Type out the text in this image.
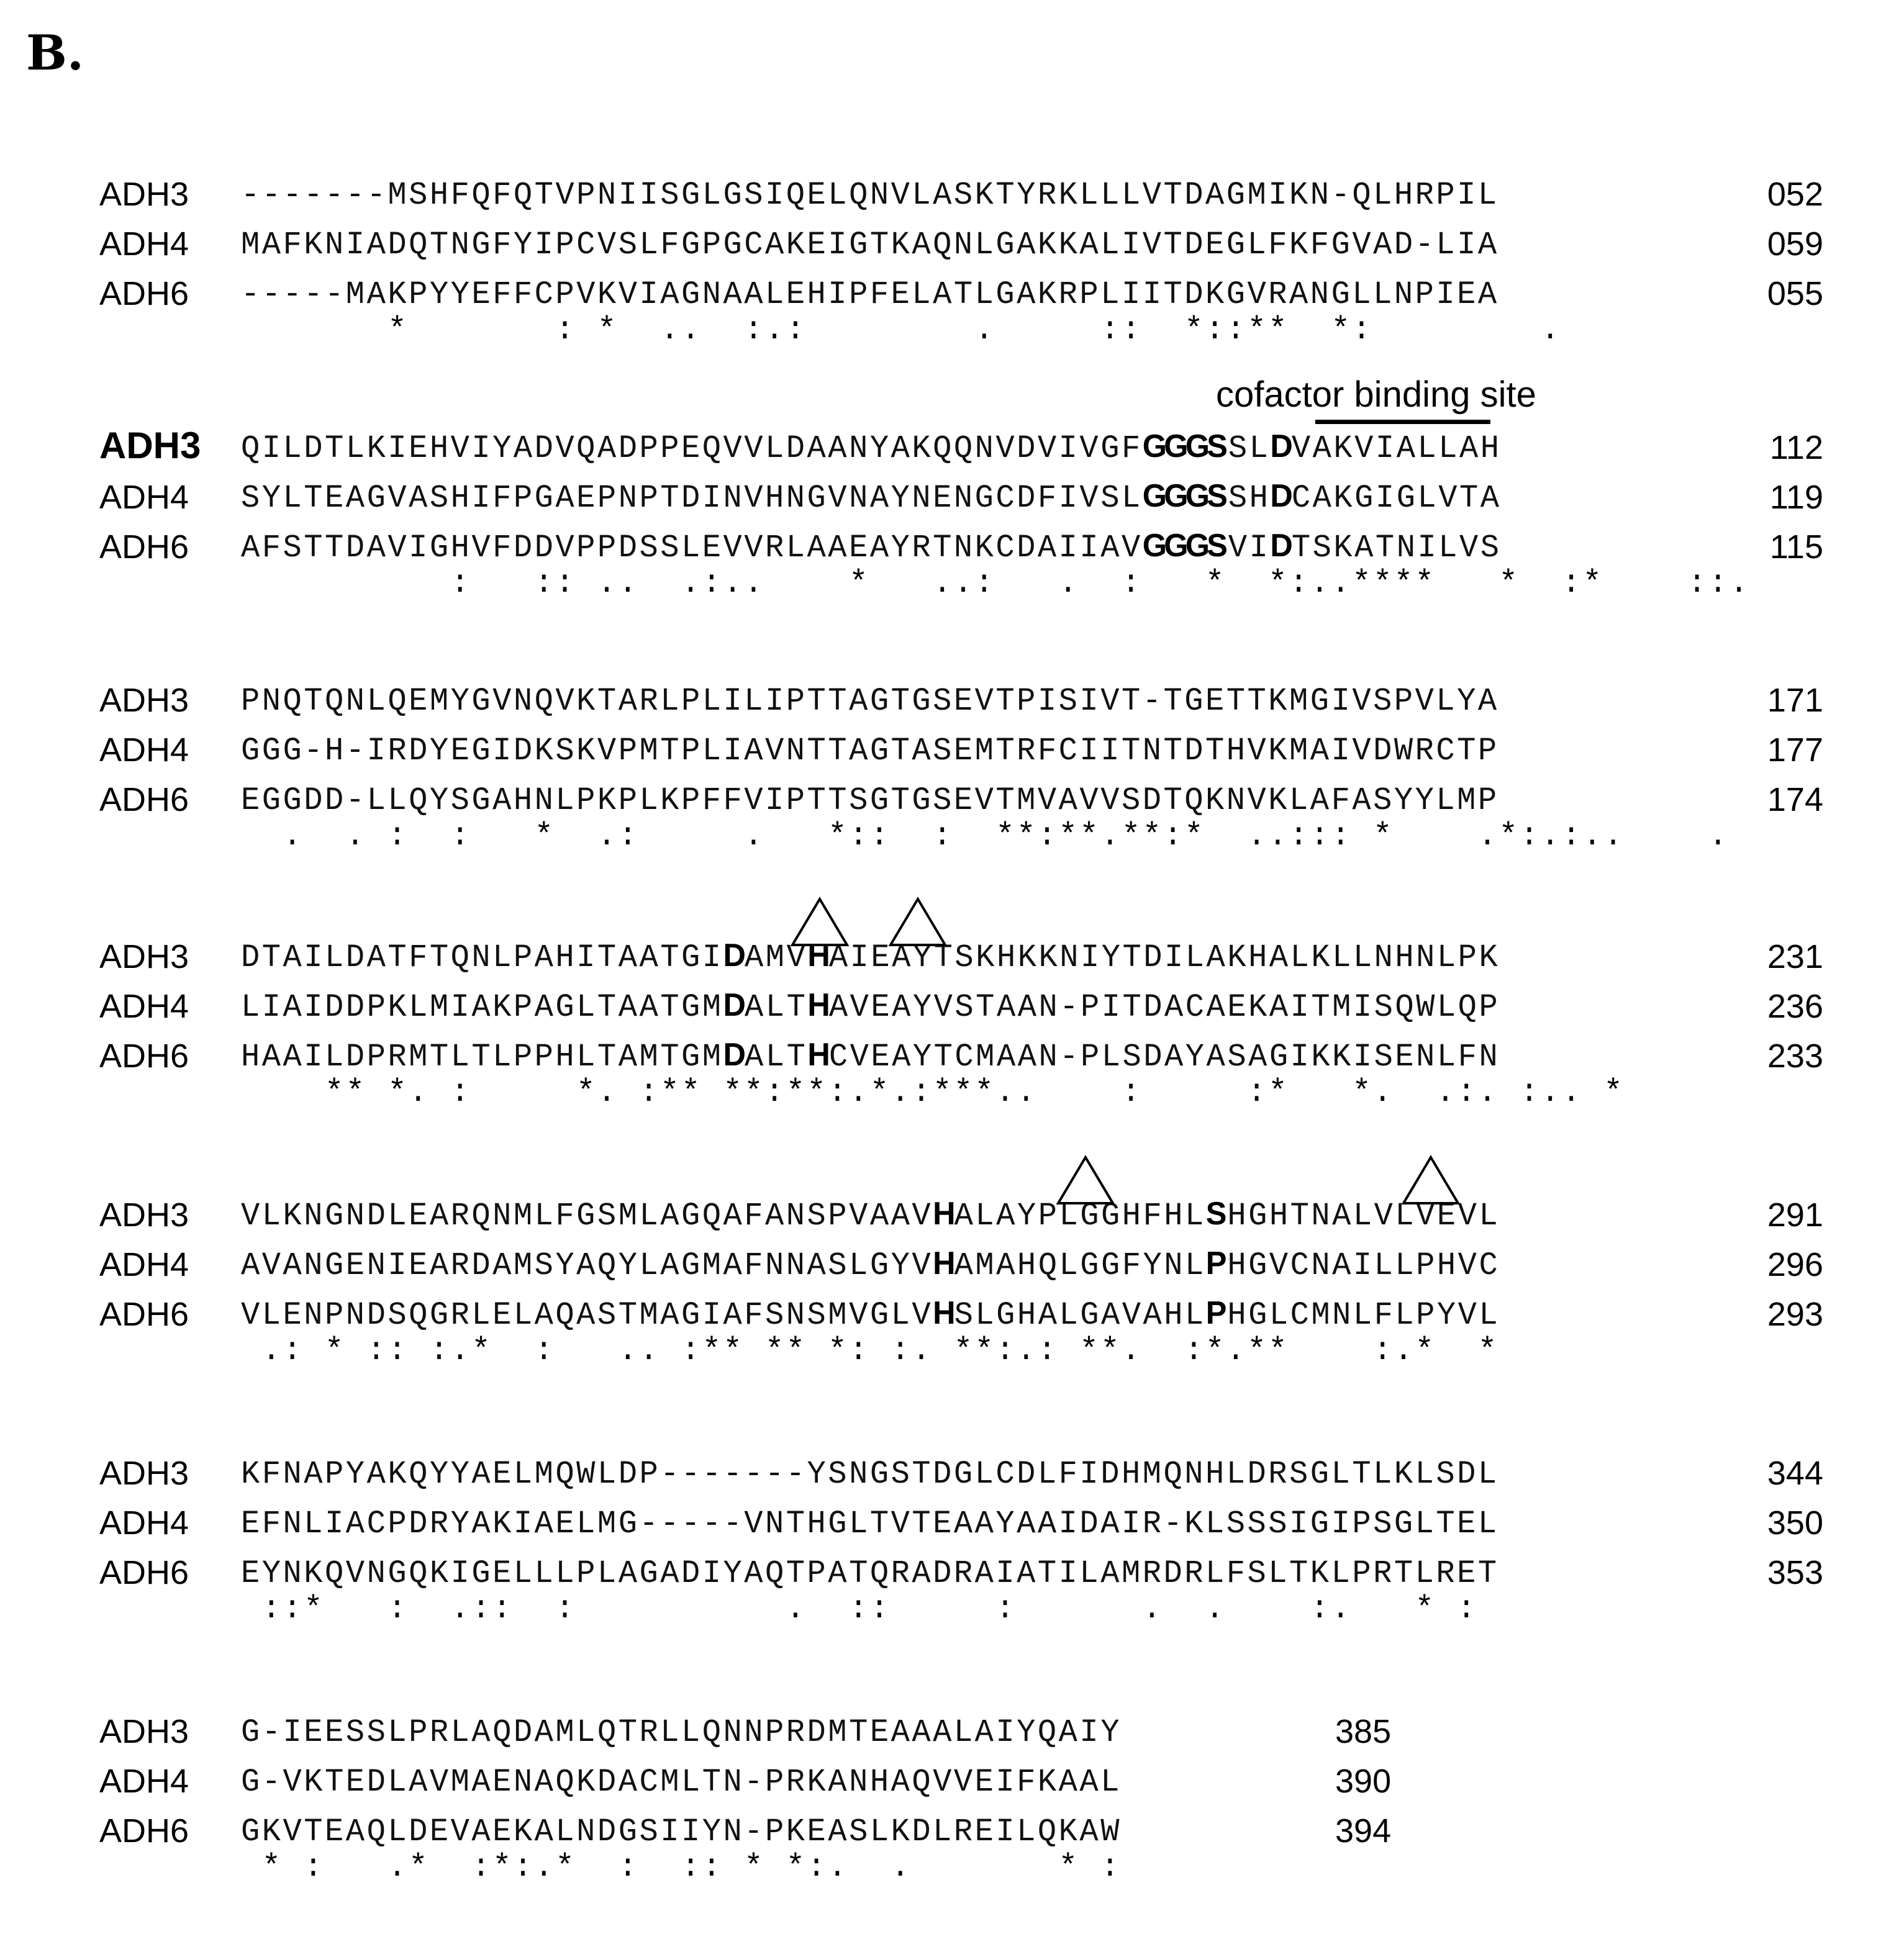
B.
ADH3 -------MSHFQFQTVPNIISGLGSIQELQNVLASKTYRKLLLVTDAGMIKN-QLHRPIL	052
ADH4 MAFKNIADQTNGFYIPCVSLFGPGCAKEIGTKAQNLGAKKALIVTDEGLFKFGVAD-LIA	059
ADH6 -----MAKPYYEFFCPVKVIAGNAALEHIPFELATLGAKRPLIITDKGVRANGLLNPIEA	055
*       : *  ..  :.:        .     ::  *::**  *:        .
ADH3 QILDTLKIEHVIYADVQADPPEQVVLDAANYAKQQNVDVIVGFGGGSSLDVAKVIALLAH	112
ADH4 SYLTEAGVASHIFPGAEPNPTDINVHNGVNAYNENGCDFIVSLGGGSSHDCAKGIGLVTA	119
ADH6 AFSTTDAVIGHVFDDVPPDSSLEVVRLAAEAYRTNKCDAIIAVGGGSVIDTSKATNILVS	115
:   :: ..  .:..    *   ..:   .  :   *  *:..****   *  :*    ::.
ADH3 PNQTQNLQEMYGVNQVKTARLPLILIPTTAGTGSEVTPISIVT-TGETTKMGIVSPVLYA	171
ADH4 GGG-H-IRDYEGIDKSKVPMTPLIAVNTTAGTASEMTRFCIITNTDTHVKMAIVDWRCTP	177
ADH6 EGGDD-LLQYSGAHNLPKPLKPFFVIPTTSGTGSEVTMVAVVSDTQKNVKLAFASYYLMP	174
.  . :  :   *  .:     .   *::  :  **:**.**:*  ..::: *    .*:.:..    .
ADH3 DTAILDATFTQNLPAHITAATGIDAMVHAIEAYTSKHKKNIYTDILAKHALKLLNHNLPK	231
ADH4 LIAIDDPKLMIAKPAGLTAATGMDALTHAVEAYVSTAAN-PITDACAEKAITMISQWLQP	236
ADH6 HAAILDPRMTLTLPPHLTAMTGMDALTHCVEAYTCMAAN-PLSDAYASAGIKKISENLFN	233
** *. :     *. :** **:**:.*.:***..    :     :*   *.  .:. :.. *
ADH3 VLKNGNDLEARQNMLFGSMLAGQAFANSPVAAVHALAYPLGGHFHLSHGHTNALVLVEVL	291
ADH4 AVANGENIEARDAMSYAQYLAGMAFNNASLGYVHAMAHQLGGFYNLPHGVCNAILLPHVC	296
ADH6 VLENPNDSQGRLELAQASTMAGIAFSNSMVGLVHSLGHALGAVAHLPHGLCMNLFLPYVL	293
.: * :: :.*  :   .. :** ** *: :. **:.: **.  :*.**    :.*  *
ADH3 KFNAPYAKQYYAELMQWLDP-------YSNGSTDGLCDLFIDHMQNHLDRSGLTLKLSDL	344
ADH4 EFNLIACPDRYAKIAELMG-----VNTHGLTVTEAAYAAIDAIR-KLSSSIGIPSGLTEL	350
ADH6 EYNKQVNGQKIGELLLPLAGADIYAQTPATQRADRAIATILAMRDRLFSLTKLPRTLRET	353
::*   :  .::  :          .  ::     :      .  .    :.   * :
ADH3 G-IEESSLPRLAQDAMLQTRLLQNNPRDMTEAAALAIYQAIY	385
ADH4 G-VKTEDLAVMAENAQKDACMLTN-PRKANHAQVVEIFKAAL	390
ADH6 GKVTEAQLDEVAEKALNDGSIIYN-PKEASLKDLREILQKAW	394
* :   .*  :*:.*  :  :: * *:.  .       * :
cofactor binding site
